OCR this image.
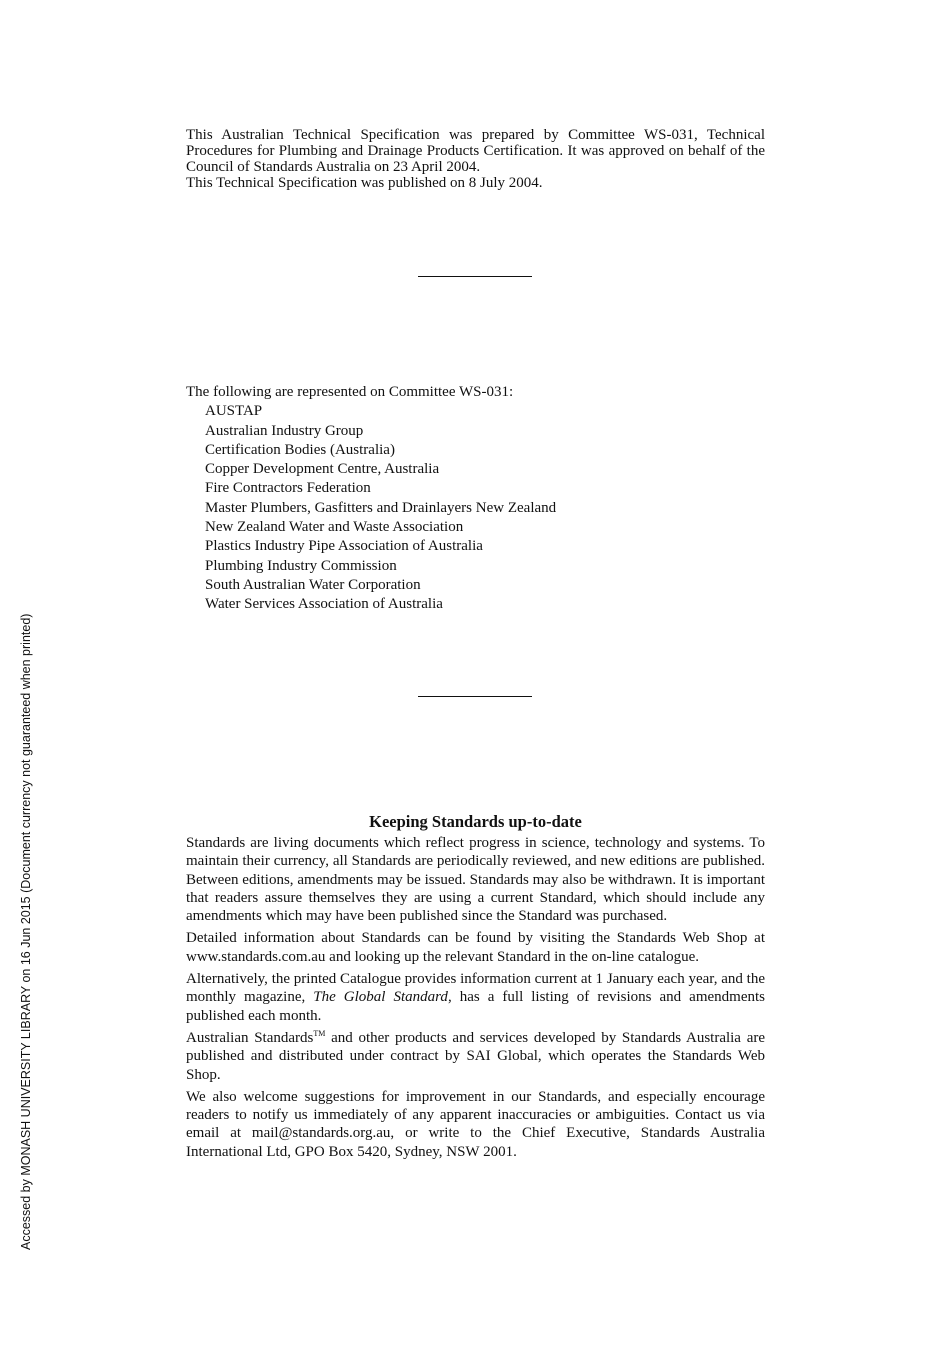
Accessed by MONASH UNIVERSITY LIBRARY on 16 Jun 2015 (Document currency not guaranteed when printed)
This Australian Technical Specification was prepared by Committee WS-031, Technical Procedures for Plumbing and Drainage Products Certification. It was approved on behalf of the Council of Standards Australia on 23 April 2004.
This Technical Specification was published on 8 July 2004.
The following are represented on Committee WS-031:
AUSTAP
Australian Industry Group
Certification Bodies (Australia)
Copper Development Centre, Australia
Fire Contractors Federation
Master Plumbers, Gasfitters and Drainlayers New Zealand
New Zealand Water and Waste Association
Plastics Industry Pipe Association of Australia
Plumbing Industry Commission
South Australian Water Corporation
Water Services Association of Australia
Keeping Standards up-to-date

Standards are living documents which reflect progress in science, technology and systems. To maintain their currency, all Standards are periodically reviewed, and new editions are published. Between editions, amendments may be issued. Standards may also be withdrawn. It is important that readers assure themselves they are using a current Standard, which should include any amendments which may have been published since the Standard was purchased.

Detailed information about Standards can be found by visiting the Standards Web Shop at www.standards.com.au and looking up the relevant Standard in the on-line catalogue.

Alternatively, the printed Catalogue provides information current at 1 January each year, and the monthly magazine, The Global Standard, has a full listing of revisions and amendments published each month.

Australian Standards™ and other products and services developed by Standards Australia are published and distributed under contract by SAI Global, which operates the Standards Web Shop.

We also welcome suggestions for improvement in our Standards, and especially encourage readers to notify us immediately of any apparent inaccuracies or ambiguities. Contact us via email at mail@standards.org.au, or write to the Chief Executive, Standards Australia International Ltd, GPO Box 5420, Sydney, NSW 2001.
